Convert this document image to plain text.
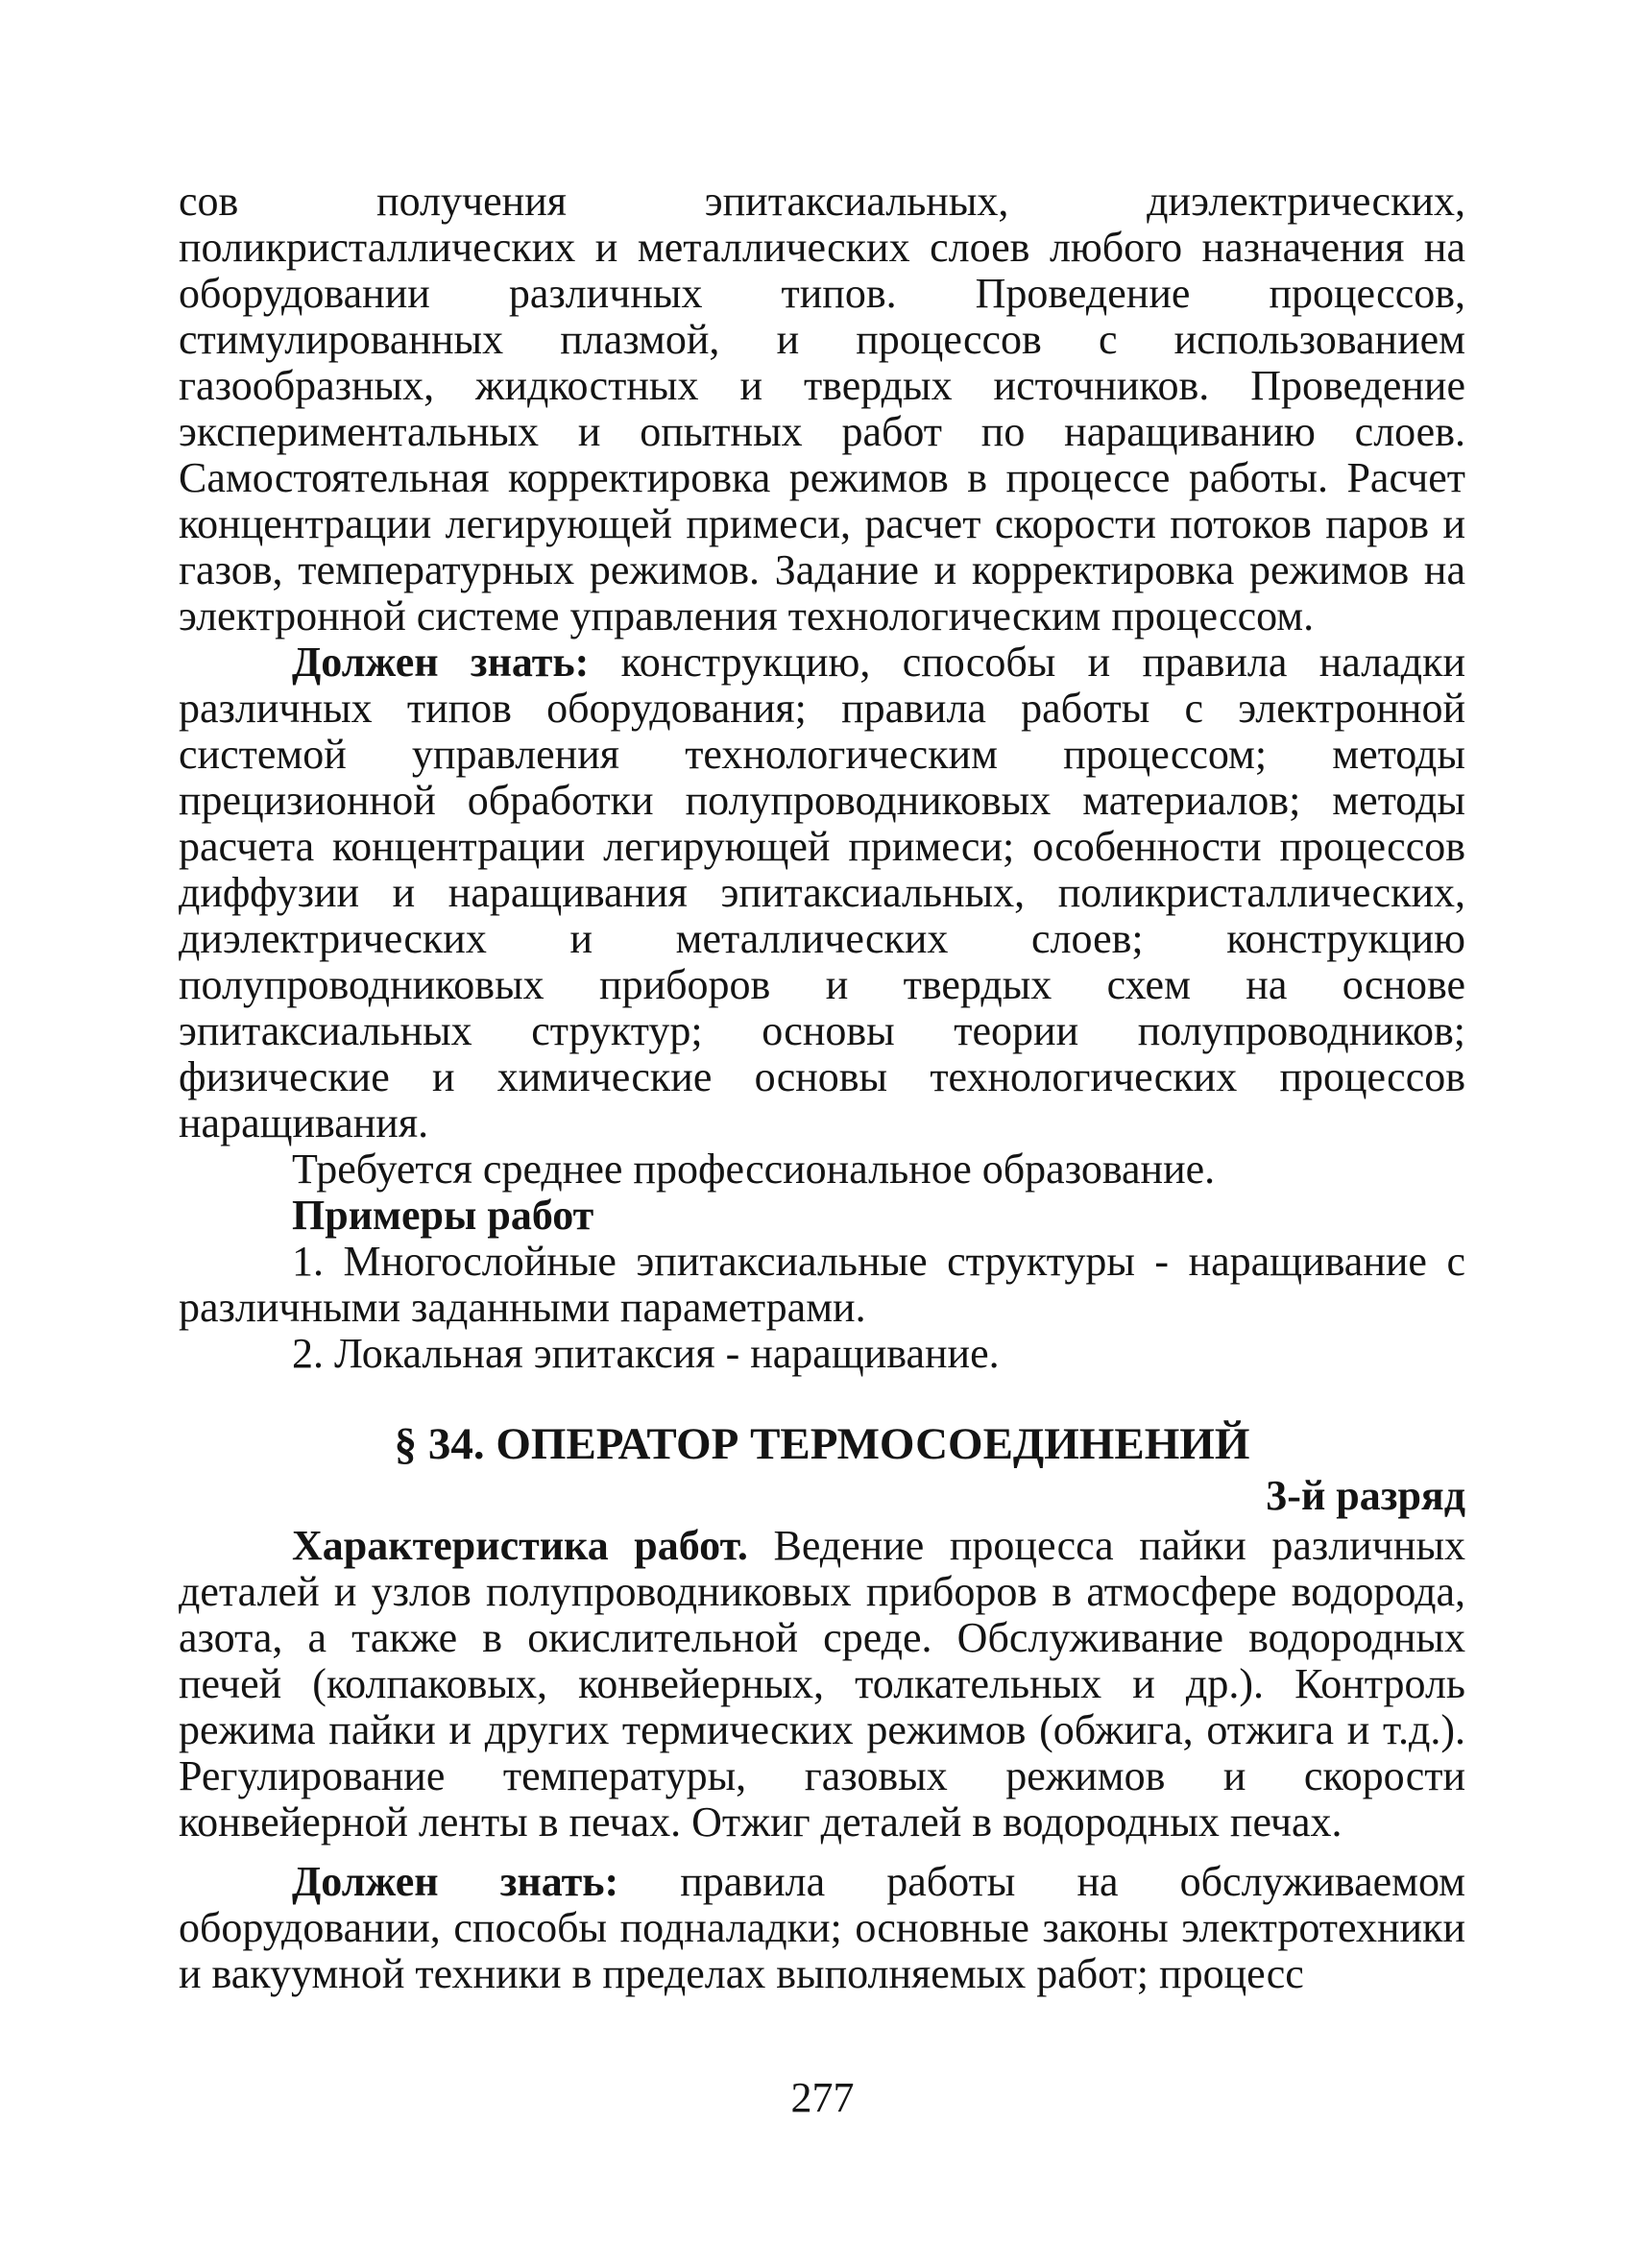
сов получения эпитаксиальных, диэлектрических, поликристаллических и металлических слоев любого назначения на оборудовании различных типов. Проведение процессов, стимулированных плазмой, и процессов с использованием газообразных, жидкостных и твердых источников. Проведение экспериментальных и опытных работ по наращиванию слоев. Самостоятельная корректировка режимов в процессе работы. Расчет концентрации легирующей примеси, расчет скорости потоков паров и газов, температурных режимов. Задание и корректировка режимов на электронной системе управления технологическим процессом.

Должен знать: конструкцию, способы и правила наладки различных типов оборудования; правила работы с электронной системой управления технологическим процессом; методы прецизионной обработки полупроводниковых материалов; методы расчета концентрации легирующей примеси; особенности процессов диффузии и наращивания эпитаксиальных, поликристаллических, диэлектрических и металлических слоев; конструкцию полупроводниковых приборов и твердых схем на основе эпитаксиальных структур; основы теории полупроводников; физические и химические основы технологических процессов наращивания.

Требуется среднее профессиональное образование.

Примеры работ

1. Многослойные эпитаксиальные структуры - наращивание с различными заданными параметрами.

2. Локальная эпитаксия - наращивание.

§ 34. ОПЕРАТОР ТЕРМОСОЕДИНЕНИЙ

3-й разряд

Характеристика работ. Ведение процесса пайки различных деталей и узлов полупроводниковых приборов в атмосфере водорода, азота, а также в окислительной среде. Обслуживание водородных печей (колпаковых, конвейерных, толкательных и др.). Контроль режима пайки и других термических режимов (обжига, отжига и т.д.). Регулирование температуры, газовых режимов и скорости конвейерной ленты в печах. Отжиг деталей в водородных печах.

Должен знать: правила работы на обслуживаемом оборудовании, способы подналадки; основные законы электротехники и вакуумной техники в пределах выполняемых работ; процесс

277
